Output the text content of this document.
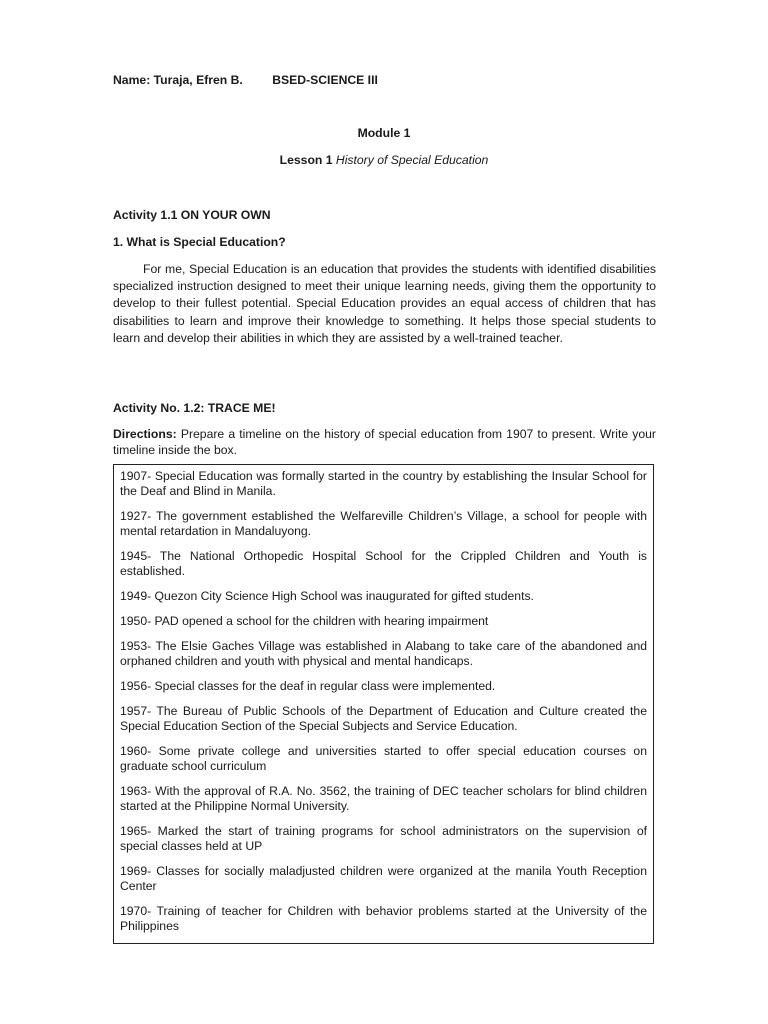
Name: Turaja, Efren B. BSED-SCIENCE III
Module 1
Lesson 1 History of Special Education
Activity 1.1 ON YOUR OWN
1. What is Special Education?
For me, Special Education is an education that provides the students with identified disabilities specialized instruction designed to meet their unique learning needs, giving them the opportunity to develop to their fullest potential. Special Education provides an equal access of children that has disabilities to learn and improve their knowledge to something. It helps those special students to learn and develop their abilities in which they are assisted by a well-trained teacher.
Activity No. 1.2: TRACE ME!
Directions: Prepare a timeline on the history of special education from 1907 to present. Write your timeline inside the box.
1907- Special Education was formally started in the country by establishing the Insular School for the Deaf and Blind in Manila.
1927- The government established the Welfareville Children’s Village, a school for people with mental retardation in Mandaluyong.
1945- The National Orthopedic Hospital School for the Crippled Children and Youth is established.
1949- Quezon City Science High School was inaugurated for gifted students.
1950- PAD opened a school for the children with hearing impairment
1953- The Elsie Gaches Village was established in Alabang to take care of the abandoned and orphaned children and youth with physical and mental handicaps.
1956- Special classes for the deaf in regular class were implemented.
1957- The Bureau of Public Schools of the Department of Education and Culture created the Special Education Section of the Special Subjects and Service Education.
1960- Some private college and universities started to offer special education courses on graduate school curriculum
1963- With the approval of R.A. No. 3562, the training of DEC teacher scholars for blind children started at the Philippine Normal University.
1965- Marked the start of training programs for school administrators on the supervision of special classes held at UP
1969- Classes for socially maladjusted children were organized at the manila Youth Reception Center
1970- Training of teacher for Children with behavior problems started at the University of the Philippines
